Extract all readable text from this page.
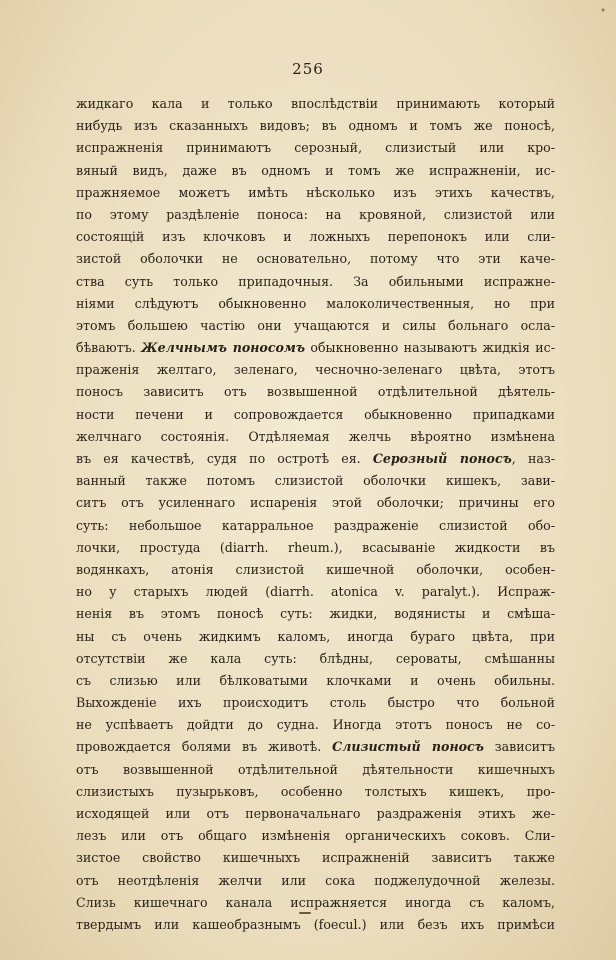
•
256
жидкаго кала и только впослѣдствіи принимають который
нибудь изъ сказанныхъ видовъ; въ одномъ и томъ же поносѣ,
испражненія принимаютъ серозный, слизистый или кро-
вяный видъ, даже въ одномъ и томъ же испражненіи, ис-
пражняемое можетъ имѣть нѣсколько изъ этихъ качествъ,
по этому раздѣленіе поноса: на кровяной, слизистой или
состоящій изъ клочковъ и ложныхъ перепонокъ или сли-
зистой оболочки не основательно, потому что эти каче-
ства суть только припадочныя. За обильными испражне-
ніями слѣдуютъ обыкновенно малоколичественныя, но при
этомъ большею частію они учащаются и силы больнаго осла-
бѣваютъ. Желчнымъ поносомъ обыкновенно называютъ жидкія ис-
праженія желтаго, зеленаго, чесночно-зеленаго цвѣта, этотъ
поносъ зависитъ отъ возвышенной отдѣлительной дѣятель-
ности печени и сопровождается обыкновенно припадками
желчнаго состоянія. Отдѣляемая желчь вѣроятно измѣнена
въ ея качествѣ, судя по остротѣ ея. Серозный поносъ, наз-
ванный также потомъ слизистой оболочки кишекъ, зави-
ситъ отъ усиленнаго испаренія этой оболочки; причины его
суть: небольшое катарральное раздраженіе слизистой обо-
лочки, простуда (diarrh. rheum.), всасываніе жидкости въ
водянкахъ, атонія слизистой кишечной оболочки, особен-
но у старыхъ людей (diarrh. atonica v. paralyt.). Испраж-
ненія въ этомъ поносѣ суть: жидки, водянисты и смѣша-
ны съ очень жидкимъ каломъ, иногда бураго цвѣта, при
отсутствіи же кала суть: блѣдны, сероваты, смѣшанны
съ слизью или бѣлковатыми клочками и очень обильны.
Выхожденіе ихъ происходитъ столь быстро что больной
не успѣваетъ дойдти до судна. Иногда этотъ поносъ не со-
провождается болями въ животѣ. Слизистый поносъ зависитъ
отъ возвышенной отдѣлительной дѣятельности кишечныхъ
слизистыхъ пузырьковъ, особенно толстыхъ кишекъ, про-
исходящей или отъ первоначальнаго раздраженія этихъ же-
лезъ или отъ общаго измѣненія органическихъ соковъ. Сли-
зистое свойство кишечныхъ испражненій зависитъ также
отъ неотдѣленія желчи или сока поджелудочной железы.
Слизь кишечнаго канала испражняется иногда съ каломъ,
твердымъ или кашеобразнымъ (foecul.) или безъ ихъ примѣси
